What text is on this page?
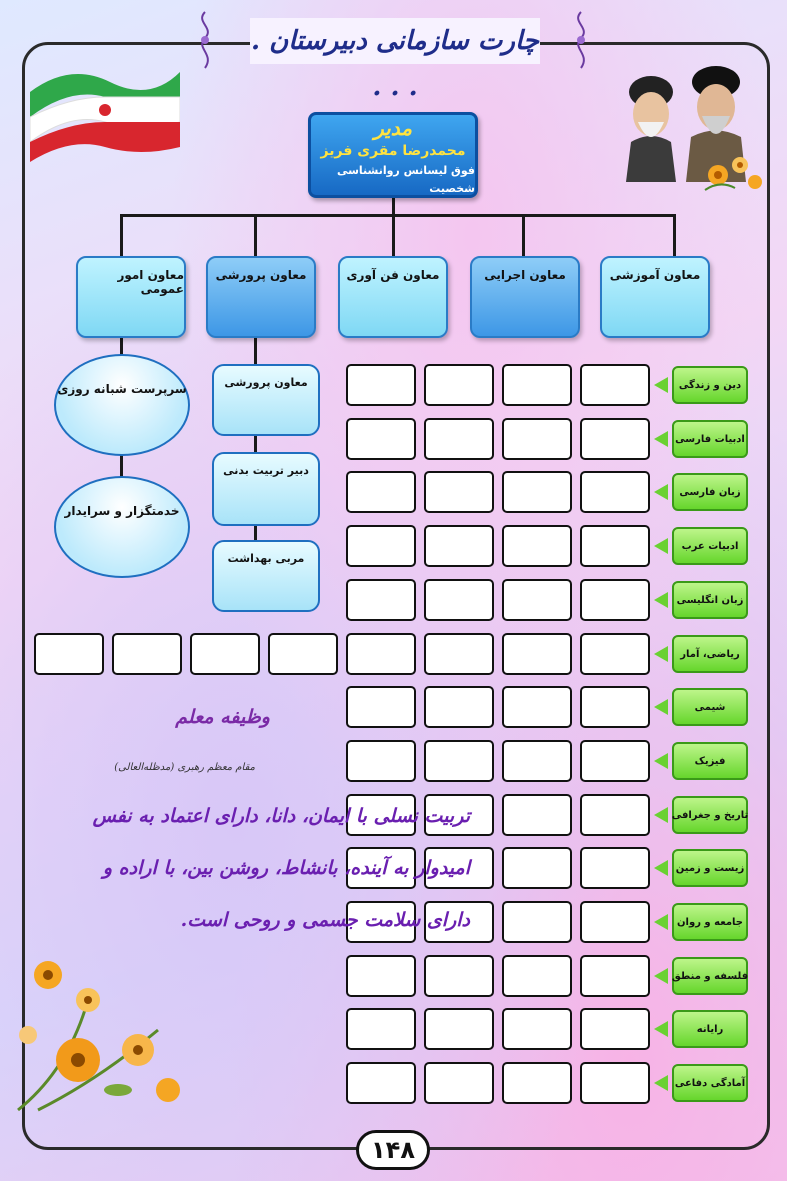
چارت سازمانی دبیرستان . . . .
مدیر
محمدرضا مقری فریز
فوق لیسانس روانشناسی شخصیت
معاون آموزشی
معاون اجرایی
معاون فن آوری
معاون پرورشی
معاون امور عمومی
سرپرست شبانه روزی
خدمتگزار و سرایدار
معاون پرورشی
دبیر تربیت بدنی
مربی بهداشت
دین و زندگی
ادبیات فارسی
زبان فارسی
ادبیات عرب
زبان انگلیسی
ریاضی، آمار
شیمی
فیزیک
تاریخ و جغرافی
زیست و زمین
جامعه و روان
فلسفه و منطق
رایانه
آمادگی دفاعی
وظیفه معلم
مقام معظم رهبری (مدظله‌العالی)
تربیت نسلی با ایمان، دانا، دارای اعتماد به نفس
امیدوار به آینده، بانشاط، روشن بین، با اراده و
دارای سلامت جسمی و روحی است.
۱۴۸
